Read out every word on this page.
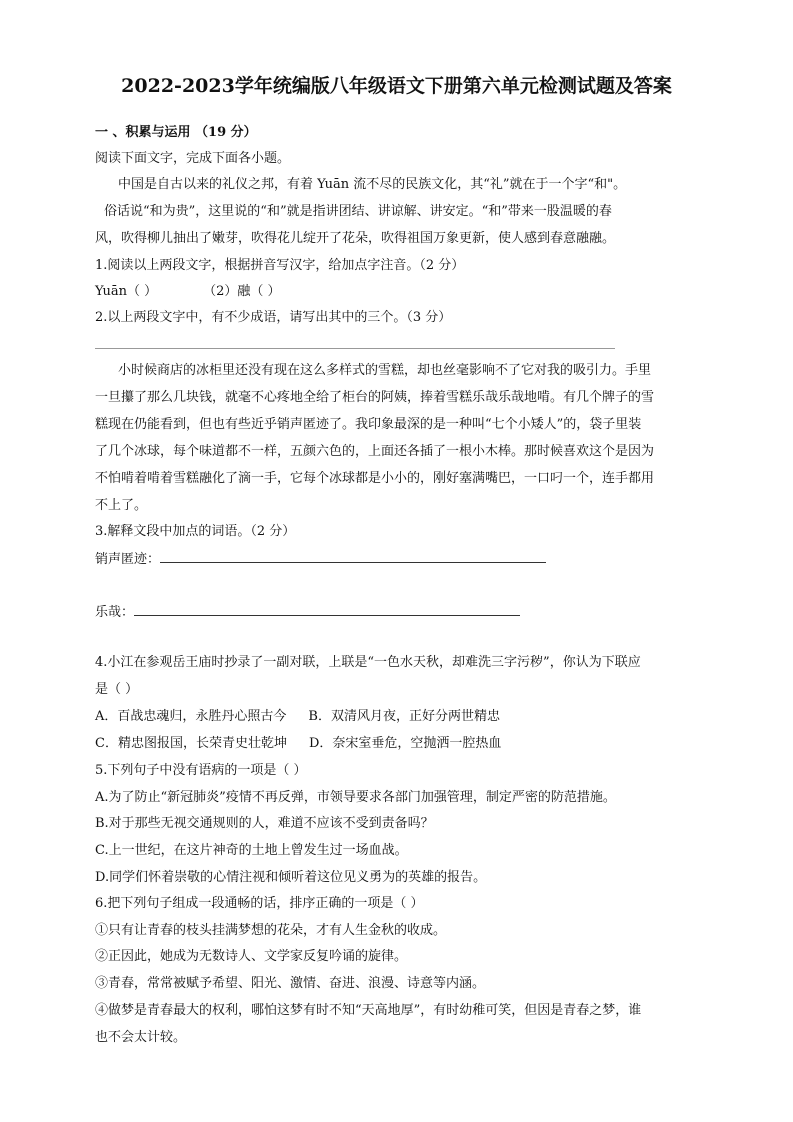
2022-2023学年统编版八年级语文下册第六单元检测试题及答案

一 、积累与运用 （19 分）

阅读下面文字，完成下面各小题。

中国是自古以来的礼仪之邦，有着 Yuān 流不尽的民族文化，其“礼”就在于一个字“和"。

俗话说“和为贵”，这里说的“和”就是指讲团结、讲谅解、讲安定。“和”带来一股温暖的春

风，吹得柳儿抽出了嫩芽，吹得花儿绽开了花朵，吹得祖国万象更新，使人感到春意融融。

1.阅读以上两段文字，根据拼音写汉字，给加点字注音。（2 分）

Yuān（ ）	（2）融（ ）

2.以上两段文字中，有不少成语，请写出其中的三个。（3 分）

小时候商店的冰柜里还没有现在这么多样式的雪糕，却也丝毫影响不了它对我的吸引力。手里

一旦攥了那么几块钱，就毫不心疼地全给了柜台的阿姨，捧着雪糕乐哉乐哉地啃。有几个牌子的雪

糕现在仍能看到，但也有些近乎销声匿迹了。我印象最深的是一种叫“七个小矮人”的，袋子里装

了几个冰球，每个味道都不一样，五颜六色的，上面还各插了一根小木棒。那时候喜欢这个是因为

不怕啃着啃着雪糕融化了滴一手，它每个冰球都是小小的，刚好塞满嘴巴，一口叼一个，连手都用

不上了。

3.解释文段中加点的词语。（2 分）

销声匿迹：

乐哉：

4.小江在参观岳王庙时抄录了一副对联，上联是“一色水天秋，却难洗三字污秽”，你认为下联应

是（ ）

A．百战忠魂归，永胜丹心照古今 B．双清风月夜，正好分两世精忠

C．精忠图报国，长荣青史壮乾坤 D．奈宋室垂危，空抛洒一腔热血

5.下列句子中没有语病的一项是（ ）

A.为了防止“新冠肺炎”疫情不再反弹，市领导要求各部门加强管理，制定严密的防范措施。

B.对于那些无视交通规则的人，难道不应该不受到责备吗？

C.上一世纪，在这片神奇的土地上曾发生过一场血战。

D.同学们怀着崇敬的心情注视和倾听着这位见义勇为的英雄的报告。

6.把下列句子组成一段通畅的话，排序正确的一项是（ ）

①只有让青春的枝头挂满梦想的花朵，才有人生金秋的收成。

②正因此，她成为无数诗人、文学家反复吟诵的旋律。

③青春，常常被赋予希望、阳光、激情、奋进、浪漫、诗意等内涵。

④做梦是青春最大的权利，哪怕这梦有时不知“天高地厚”，有时幼稚可笑，但因是青春之梦，谁

也不会太计较。
